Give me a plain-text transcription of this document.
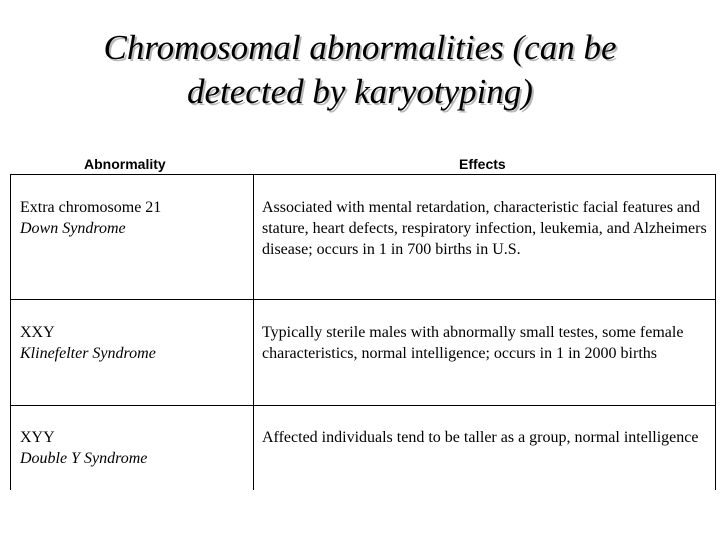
Chromosomal abnormalities (can be
detected by karyotyping)
Abnormality	Effects
Extra chromosome 21
Down Syndrome
Associated with mental retardation, characteristic facial features and stature, heart defects, respiratory infection, leukemia, and Alzheimers disease; occurs in 1 in 700 births in U.S.
XXY
Klinefelter Syndrome
Typically sterile males with abnormally small testes, some female characteristics, normal intelligence; occurs in 1 in 2000 births
XYY
Double Y Syndrome
Affected individuals tend to be taller as a group, normal intelligence
